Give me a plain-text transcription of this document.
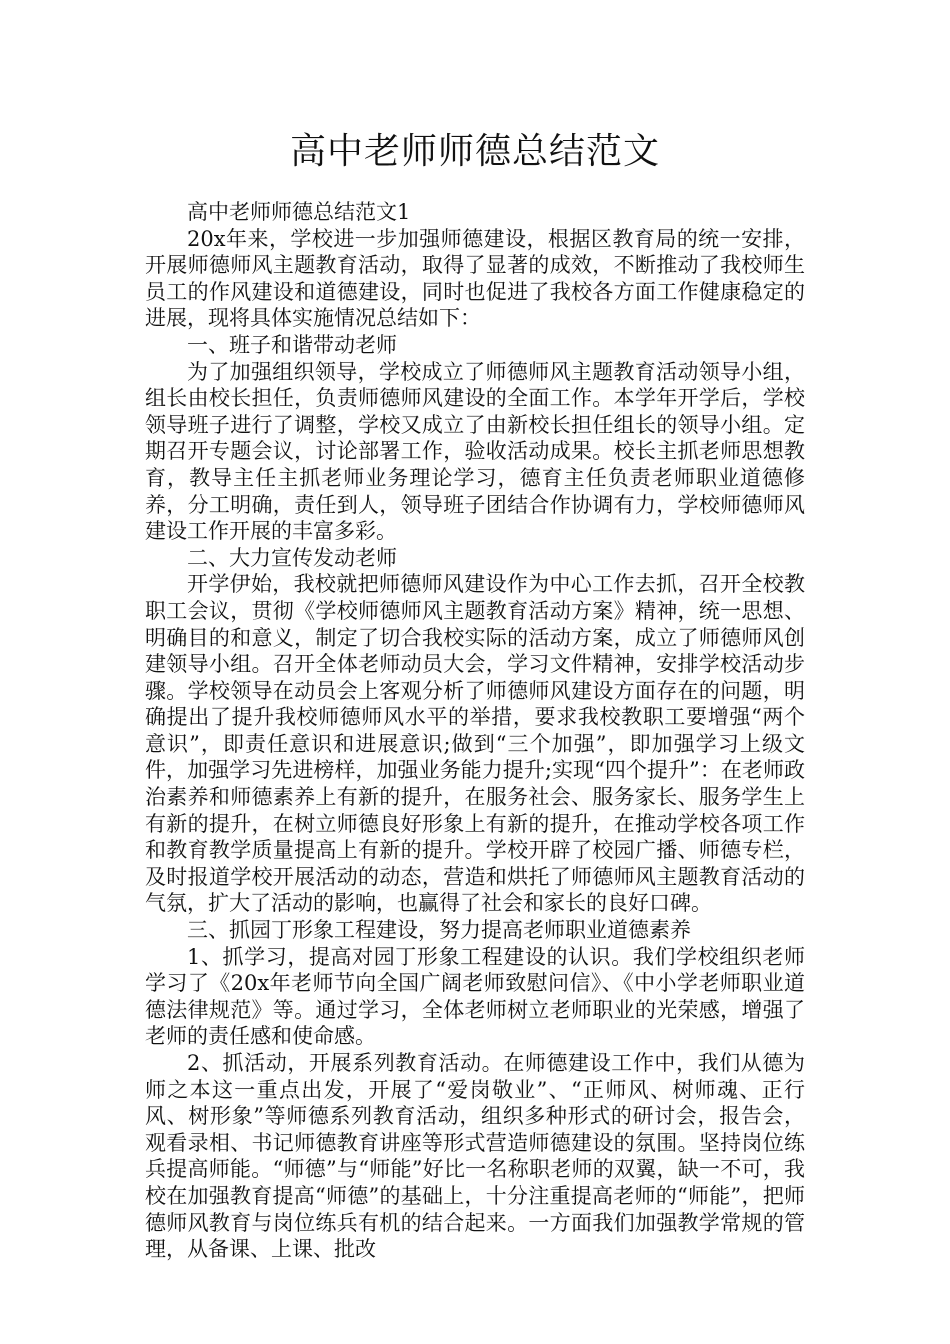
高中老师师德总结范文

高中老师师德总结范文1

20x年来，学校进一步加强师德建设，根据区教育局的统一安排，开展师德师风主题教育活动，取得了显著的成效，不断推动了我校师生员工的作风建设和道德建设，同时也促进了我校各方面工作健康稳定的进展，现将具体实施情况总结如下：

一、班子和谐带动老师

为了加强组织领导，学校成立了师德师风主题教育活动领导小组，组长由校长担任，负责师德师风建设的全面工作。本学年开学后，学校领导班子进行了调整，学校又成立了由新校长担任组长的领导小组。定期召开专题会议，讨论部署工作，验收活动成果。校长主抓老师思想教育，教导主任主抓老师业务理论学习，德育主任负责老师职业道德修养，分工明确，责任到人，领导班子团结合作协调有力，学校师德师风建设工作开展的丰富多彩。

二、大力宣传发动老师

开学伊始，我校就把师德师风建设作为中心工作去抓，召开全校教职工会议，贯彻《学校师德师风主题教育活动方案》精神，统一思想、明确目的和意义，制定了切合我校实际的活动方案，成立了师德师风创建领导小组。召开全体老师动员大会，学习文件精神，安排学校活动步骤。学校领导在动员会上客观分析了师德师风建设方面存在的问题，明确提出了提升我校师德师风水平的举措，要求我校教职工要增强“两个意识”，即责任意识和进展意识;做到“三个加强”，即加强学习上级文件，加强学习先进榜样，加强业务能力提升;实现“四个提升”：在老师政治素养和师德素养上有新的提升，在服务社会、服务家长、服务学生上有新的提升，在树立师德良好形象上有新的提升，在推动学校各项工作和教育教学质量提高上有新的提升。学校开辟了校园广播、师德专栏，及时报道学校开展活动的动态，营造和烘托了师德师风主题教育活动的气氛，扩大了活动的影响，也赢得了社会和家长的良好口碑。

三、抓园丁形象工程建设，努力提高老师职业道德素养

1、抓学习，提高对园丁形象工程建设的认识。我们学校组织老师学习了《20x年老师节向全国广阔老师致慰问信》、《中小学老师职业道德法律规范》等。通过学习，全体老师树立老师职业的光荣感，增强了老师的责任感和使命感。

2、抓活动，开展系列教育活动。在师德建设工作中，我们从德为师之本这一重点出发，开展了“爱岗敬业”、“正师风、树师魂、正行风、树形象”等师德系列教育活动，组织多种形式的研讨会，报告会，观看录相、书记师德教育讲座等形式营造师德建设的氛围。坚持岗位练兵提高师能。“师德”与“师能”好比一名称职老师的双翼，缺一不可，我校在加强教育提高“师德”的基础上，十分注重提高老师的“师能”，把师德师风教育与岗位练兵有机的结合起来。一方面我们加强教学常规的管理，从备课、上课、批改
